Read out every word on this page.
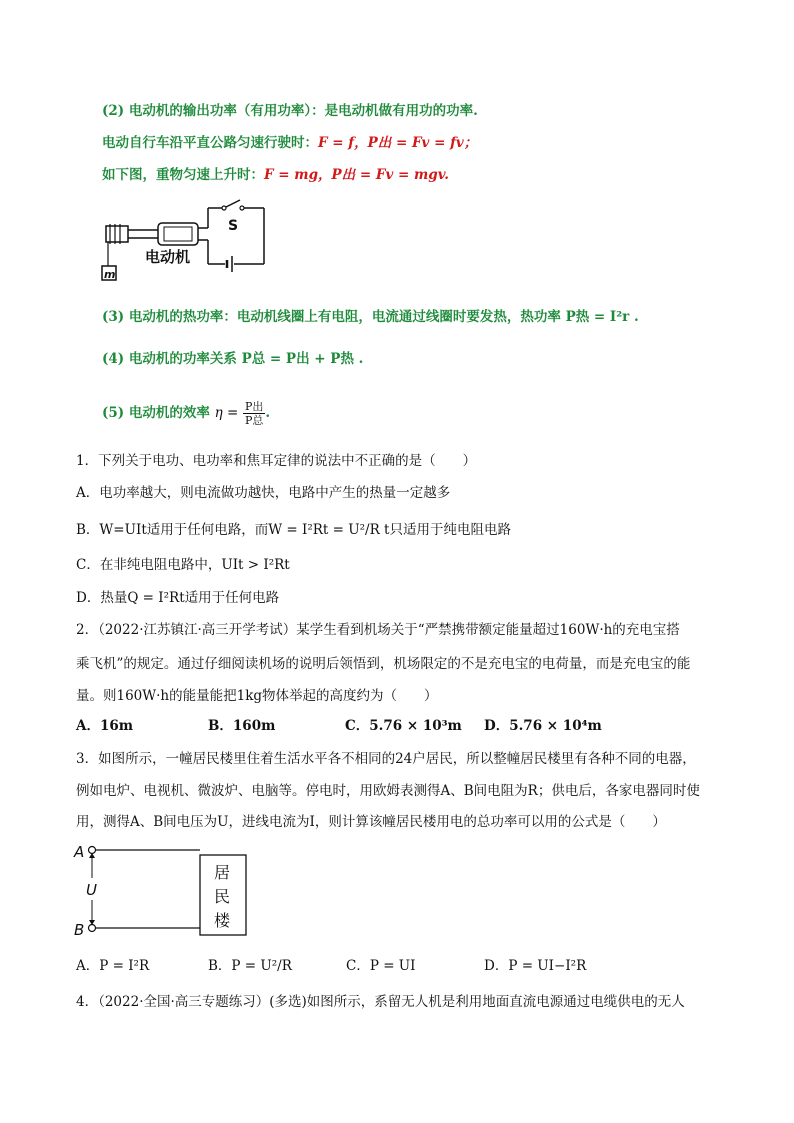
(2) 电动机的输出功率（有用功率）：是电动机做有用功的功率.
电动自行车沿平直公路匀速行驶时：F = f，P出 = Fv = fv；
如下图，重物匀速上升时：F = mg，P出 = Fv = mgv.
S
电动机
m
(3) 电动机的热功率：电动机线圈上有电阻，电流通过线圈时要发热，热功率 P热 = I²r .
(4) 电动机的功率关系 P总 = P出 + P热 .
(5) 电动机的效率 η = P出
P总 .
1．下列关于电功、电功率和焦耳定律的说法中不正确的是（　　）
A．电功率越大，则电流做功越快，电路中产生的热量一定越多
B．W=UIt适用于任何电路，而W = I²Rt = U²/R t只适用于纯电阻电路
C．在非纯电阻电路中，UIt > I²Rt
D．热量Q = I²Rt适用于任何电路
2．（2022·江苏镇江·高三开学考试）某学生看到机场关于“严禁携带额定能量超过160W·h的充电宝搭
乘飞机”的规定。通过仔细阅读机场的说明后领悟到，机场限定的不是充电宝的电荷量，而是充电宝的能
量。则160W·h的能量能把1kg物体举起的高度约为（　　）
A．16m	B．160m	C．5.76 × 10³m D．5.76 × 10⁴m
3．如图所示，一幢居民楼里住着生活水平各不相同的24户居民，所以整幢居民楼里有各种不同的电器，
例如电炉、电视机、微波炉、电脑等。停电时，用欧姆表测得A、B间电阻为R；供电后，各家电器同时使
用，测得A、B间电压为U，进线电流为I，则计算该幢居民楼用电的总功率可以用的公式是（　　）
A
B
U
居
民
楼
A．P = I²R	B．P = U²/R	C．P = UI	D．P = UI−I²R
4．（2022·全国·高三专题练习）(多选)如图所示，系留无人机是利用地面直流电源通过电缆供电的无人
